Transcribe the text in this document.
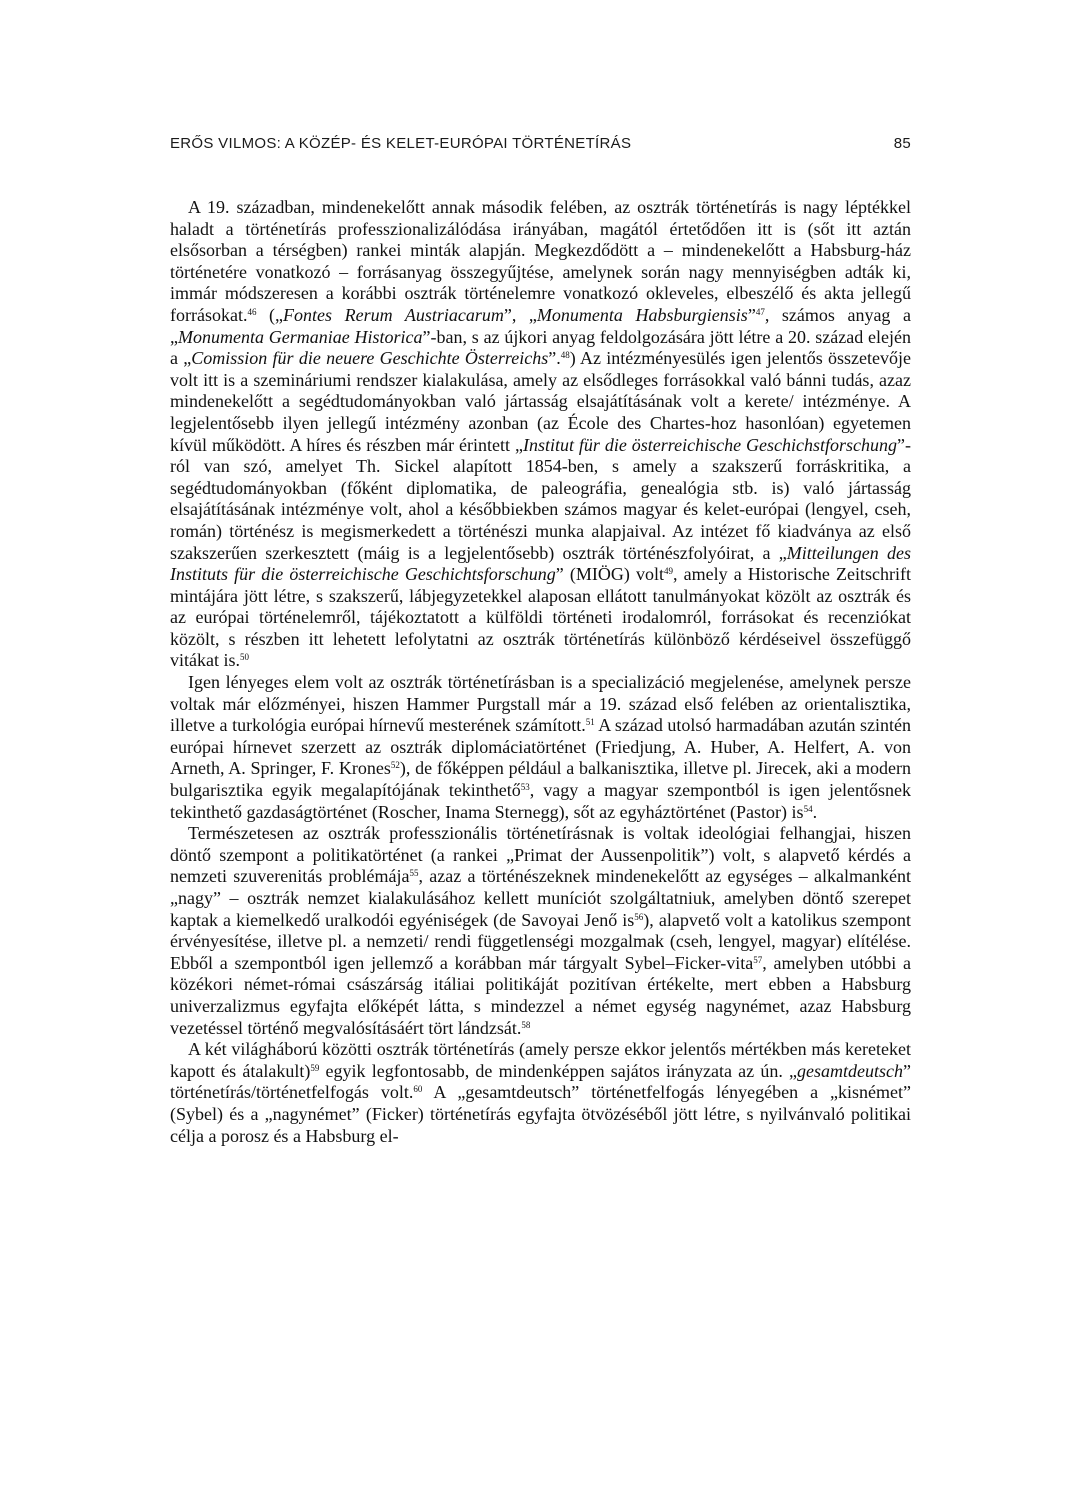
ERŐS VILMOS: A KÖZÉP- ÉS KELET-EURÓPAI TÖRTÉNETÍRÁS	85

A 19. században, mindenekelőtt annak második felében, az osztrák történetírás is nagy léptékkel haladt a történetírás professzionalizálódása irányában, magától értetődően itt is (sőt itt aztán elsősorban a térségben) rankei minták alapján. Megkezdődött a – mindenekelőtt a Habsburg-ház történetére vonatkozó – forrásanyag összegyűjtése, amelynek során nagy mennyiségben adták ki, immár módszeresen a korábbi osztrák történelemre vonatkozó okleveles, elbeszélő és akta jellegű forrásokat.$^{46}$ („Fontes Rerum Austriacarum”, „Monumenta Habsburgiensis”$^{47}$, számos anyag a „Monumenta Germaniae Historica”-ban, s az újkori anyag feldolgozására jött létre a 20. század elején a „Comission für die neuere Geschichte Österreichs”.$^{48}$) Az intézményesülés igen jelentős összetevője volt itt is a szemináriumi rendszer kialakulása, amely az elsődleges forrásokkal való bánni tudás, azaz mindenekelőtt a segédtudományokban való jártasság elsajátításának volt a kerete/ intézménye. A legjelentősebb ilyen jellegű intézmény azonban (az École des Chartes-hoz hasonlóan) egyetemen kívül működött. A híres és részben már érintett „Institut für die österreichische Geschichstforschung”-ról van szó, amelyet Th. Sickel alapított 1854-ben, s amely a szakszerű forráskritika, a segédtudományokban (főként diplomatika, de paleográfia, genealógia stb. is) való jártasság elsajátításának intézménye volt, ahol a későbbiekben számos magyar és kelet-európai (lengyel, cseh, román) történész is megismerkedett a történészi munka alapjaival. Az intézet fő kiadványa az első szakszerűen szerkesztett (máig is a legjelentősebb) osztrák történészfolyóirat, a „Mitteilungen des Instituts für die österreichische Geschichtsforschung” (MIÖG) volt$^{49}$, amely a Historische Zeitschrift mintájára jött létre, s szakszerű, lábjegyzetekkel alaposan ellátott tanulmányokat közölt az osztrák és az európai történelemről, tájékoztatott a külföldi történeti irodalomról, forrásokat és recenziókat közölt, s részben itt lehetett lefolytatni az osztrák történetírás különböző kérdéseivel összefüggő vitákat is.$^{50}$

Igen lényeges elem volt az osztrák történetírásban is a specializáció megjelenése, amelynek persze voltak már előzményei, hiszen Hammer Purgstall már a 19. század első felében az orientalisztika, illetve a turkológia európai hírnevű mesterének számított.$^{51}$ A század utolsó harmadában azután szintén európai hírnevet szerzett az osztrák diplomáciatörténet (Friedjung, A. Huber, A. Helfert, A. von Arneth, A. Springer, F. Krones$^{52}$), de főképpen például a balkanisztika, illetve pl. Jirecek, aki a modern bulgarisztika egyik megalapítójának tekinthető$^{53}$, vagy a magyar szempontból is igen jelentősnek tekinthető gazdaságtörténet (Roscher, Inama Sternegg), sőt az egyháztörténet (Pastor) $is^{54}$.

Természetesen az osztrák professzionális történetírásnak is voltak ideológiai felhangjai, hiszen döntő szempont a politikatörténet (a rankei „Primat der Aussenpolitik”) volt, s alapvető kérdés a nemzeti szuverenitás problémája$^{55}$, azaz a történészeknek mindenekelőtt az egységes – alkalmanként „nagy” – osztrák nemzet kialakulásához kellett muníciót szolgáltatniuk, amelyben döntő szerepet kaptak a kiemelkedő uralkodói egyéniségek (de Savoyai Jenő $is^{56}$), alapvető volt a katolikus szempont érvényesítése, illetve pl. a nemzeti/ rendi függetlenségi mozgalmak (cseh, lengyel, magyar) elítélése. Ebből a szempontból igen jellemző a korábban már tárgyalt Sybel–Ficker-vita$^{57}$, amelyben utóbbi a közékori német-római császárság itáliai politikáját pozitívan értékelte, mert ebben a Habsburg univerzalizmus egyfajta előképét látta, s mindezzel a német egység nagynémet, azaz Habsburg vezetéssel történő megvalósításáért tört lándzsát.$^{58}$

A két világháború közötti osztrák történetírás (amely persze ekkor jelentős mértékben más kereteket kapott és átalakult)$^{59}$ egyik legfontosabb, de mindenképpen sajátos irányzata az ún. „gesamtdeutsch” történetírás/történetfelfogás volt.$^{60}$ A „gesamtdeutsch” történetfelfogás lényegében a „kisnémet” (Sybel) és a „nagynémet” (Ficker) történetírás egyfajta ötvözéséből jött létre, s nyilvánvaló politikai célja a porosz és a Habsburg el-
